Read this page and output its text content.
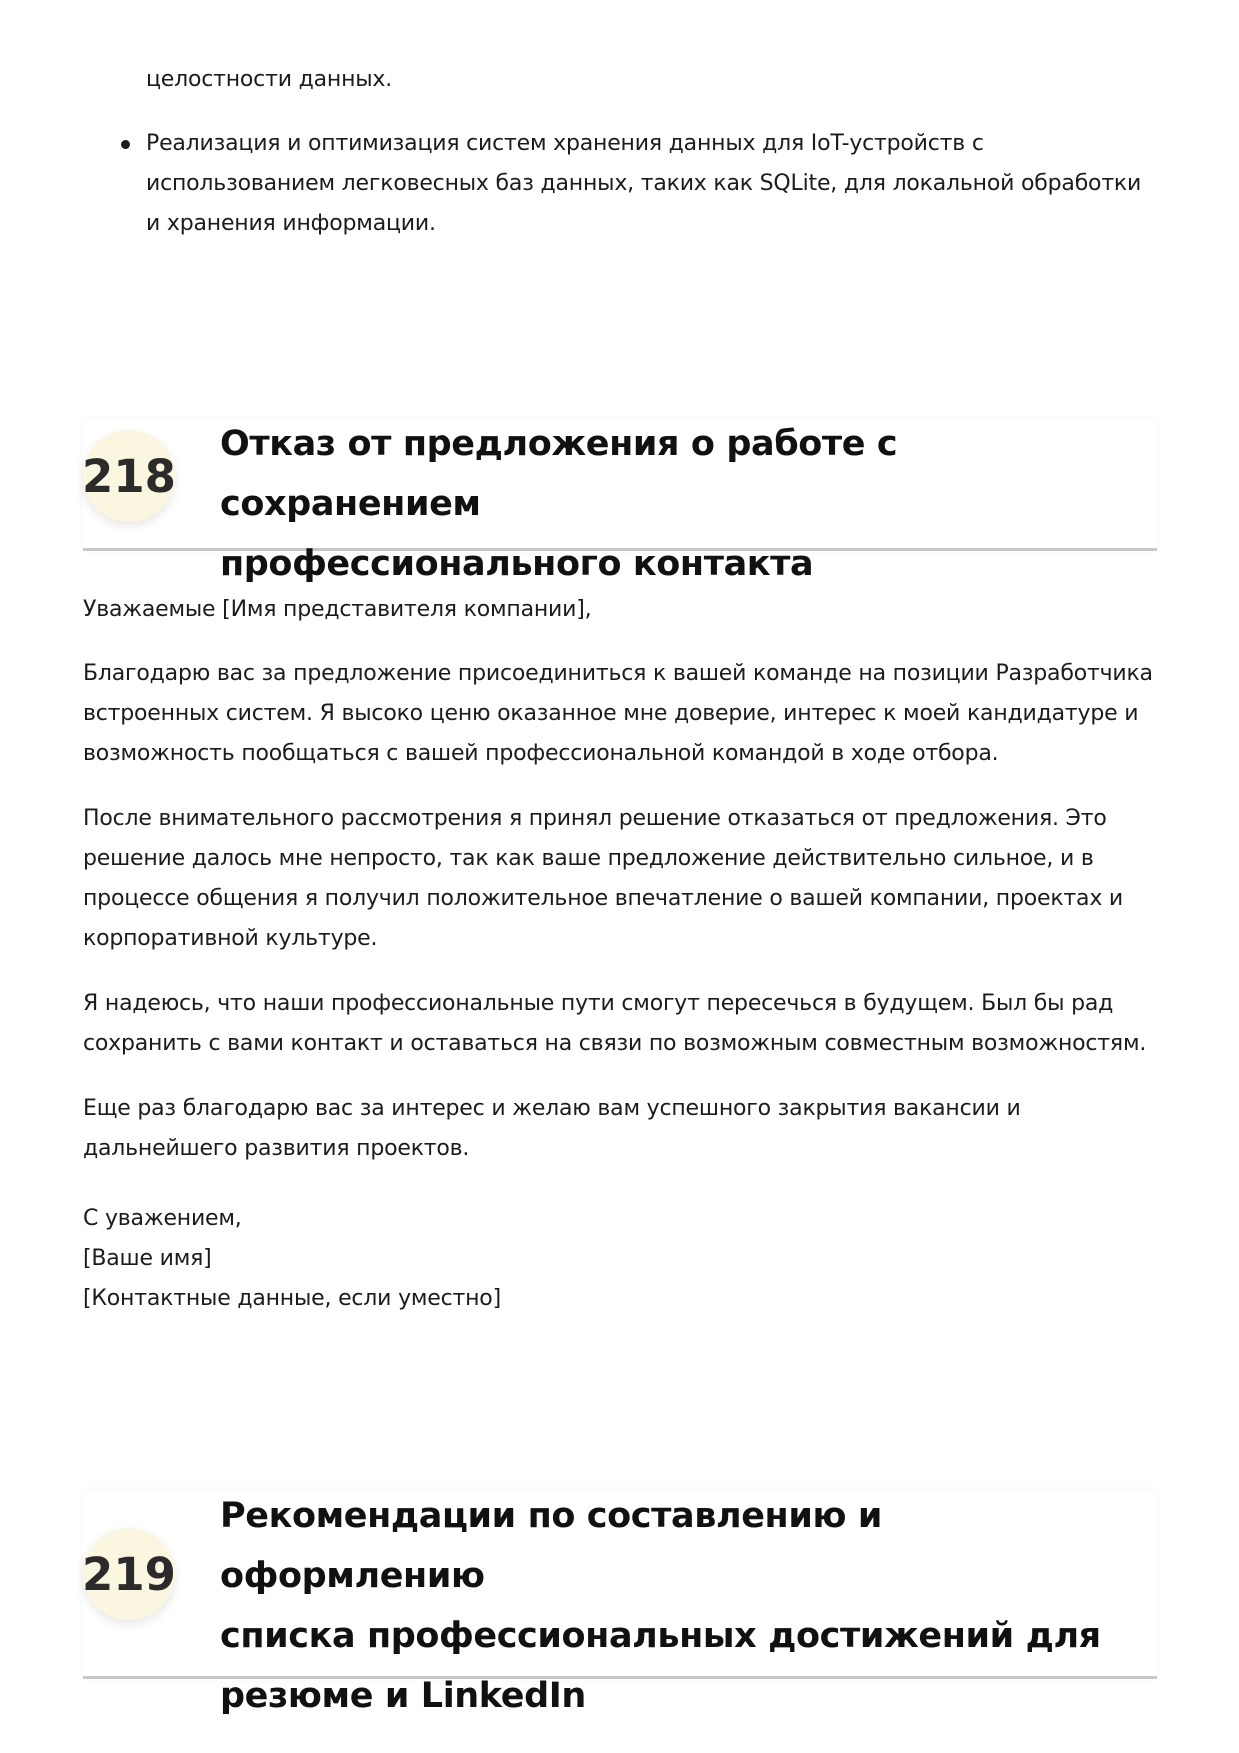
целостности данных.

Реализация и оптимизация систем хранения данных для IoT-устройств с использованием легковесных баз данных, таких как SQLite, для локальной обработки и хранения информации.

218
Отказ от предложения о работе с сохранением
профессионального контакта

Уважаемые [Имя представителя компании],

Благодарю вас за предложение присоединиться к вашей команде на позиции Разработчика встроенных систем. Я высоко ценю оказанное мне доверие, интерес к моей кандидатуре и возможность пообщаться с вашей профессиональной командой в ходе отбора.

После внимательного рассмотрения я принял решение отказаться от предложения. Это решение далось мне непросто, так как ваше предложение действительно сильное, и в процессе общения я получил положительное впечатление о вашей компании, проектах и корпоративной культуре.

Я надеюсь, что наши профессиональные пути смогут пересечься в будущем. Был бы рад сохранить с вами контакт и оставаться на связи по возможным совместным возможностям.

Еще раз благодарю вас за интерес и желаю вам успешного закрытия вакансии и дальнейшего развития проектов.

С уважением,

[Ваше имя]

[Контактные данные, если уместно]

219
Рекомендации по составлению и оформлению
списка профессиональных достижений для
резюме и LinkedIn
